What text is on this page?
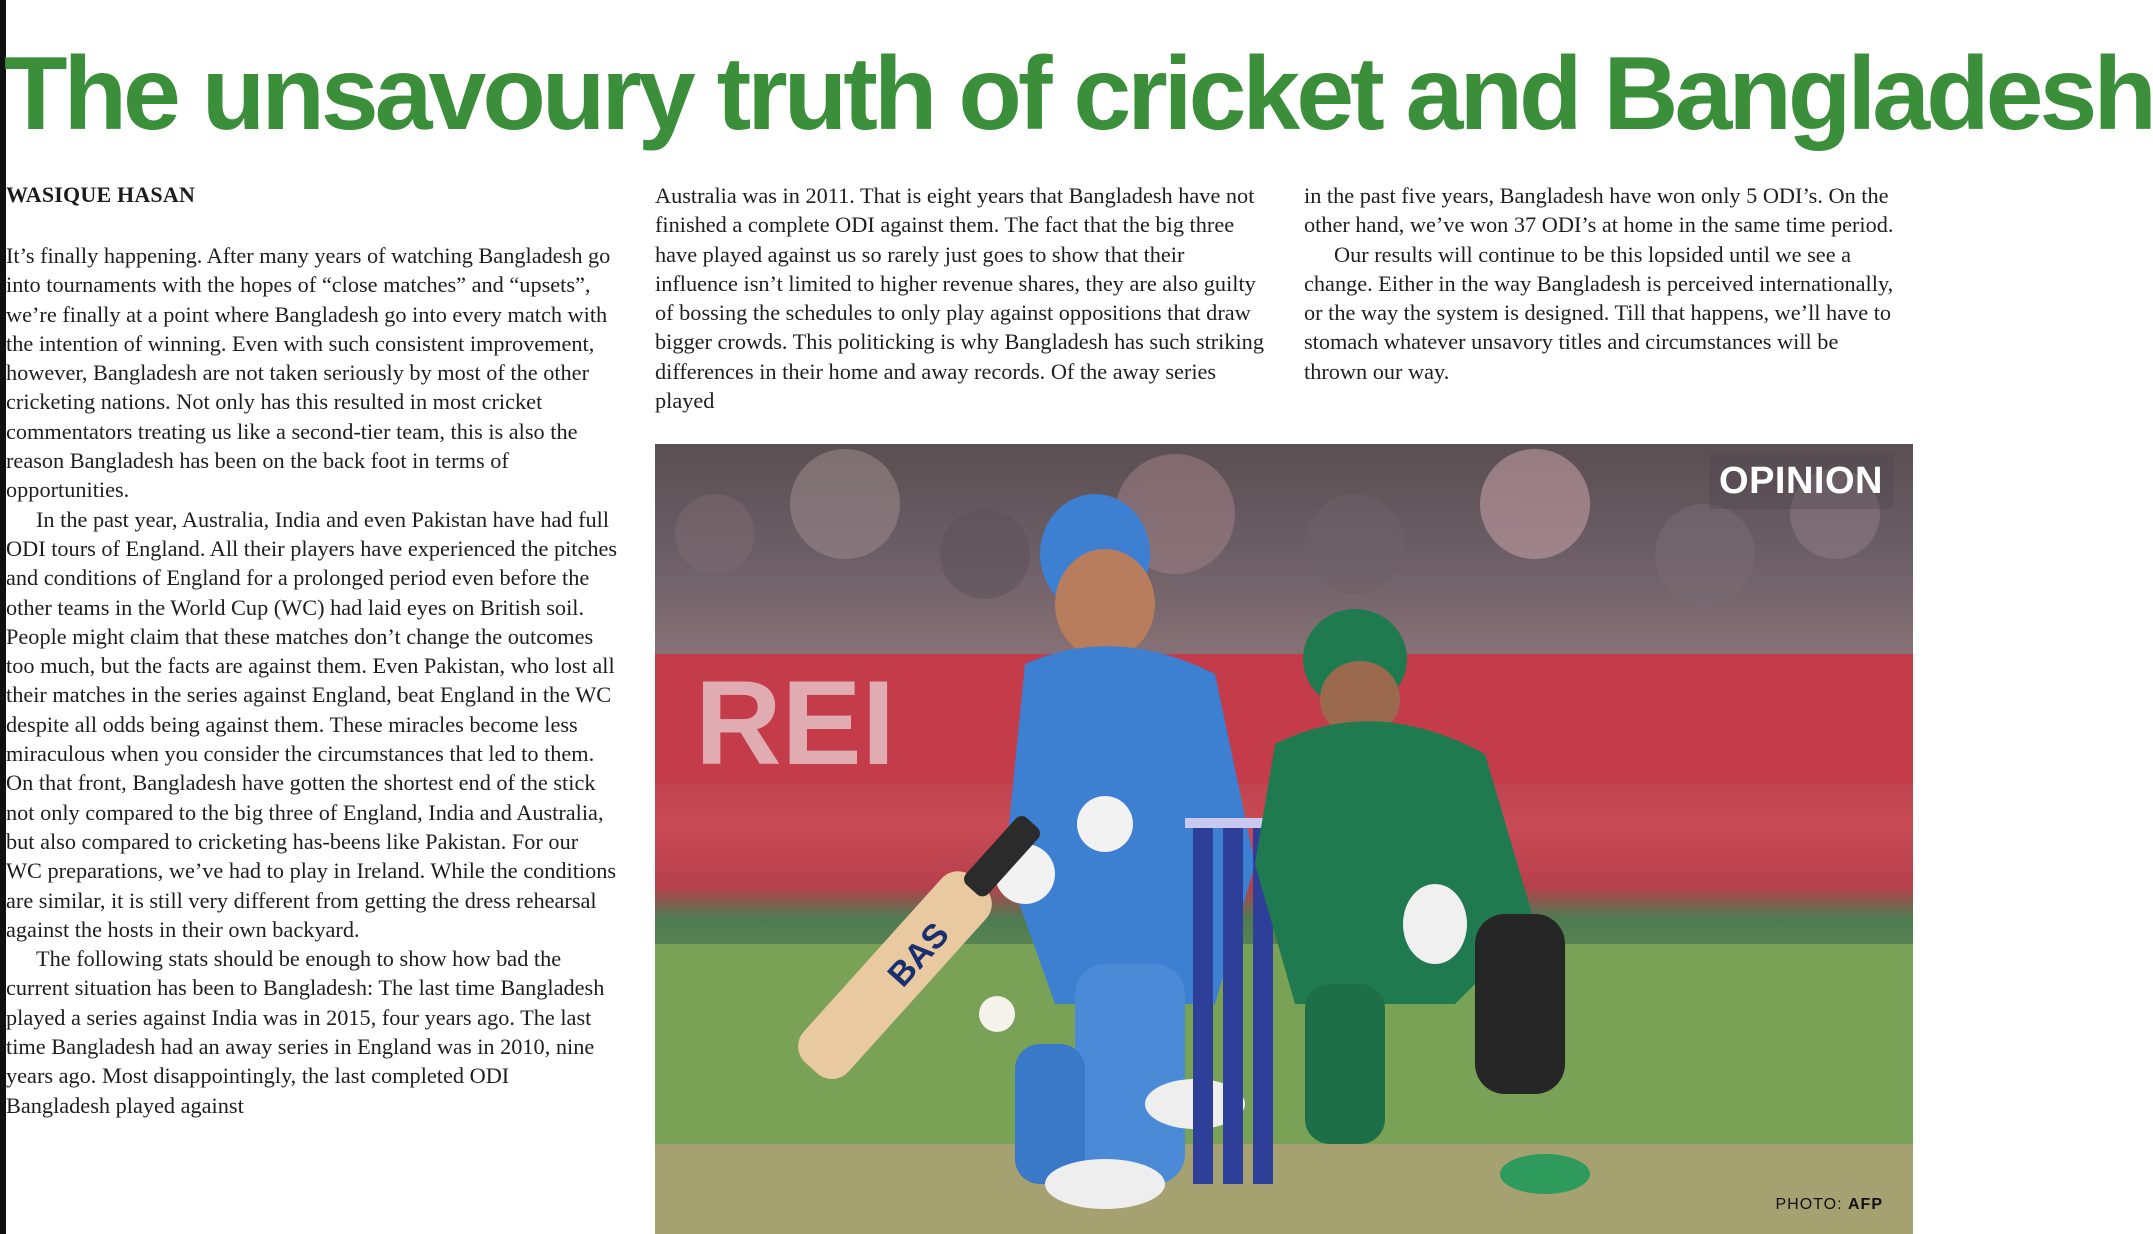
The unsavoury truth of cricket and Bangladesh
WASIQUE HASAN

It’s finally happening. After many years of watching Bangladesh go into tournaments with the hopes of “close matches” and “upsets”, we’re finally at a point where Bangladesh go into every match with the intention of winning. Even with such consistent improvement, however, Bangladesh are not taken seriously by most of the other cricketing nations. Not only has this resulted in most cricket commentators treating us like a second-tier team, this is also the reason Bangladesh has been on the back foot in terms of opportunities.

In the past year, Australia, India and even Pakistan have had full ODI tours of England. All their players have experienced the pitches and conditions of England for a prolonged period even before the other teams in the World Cup (WC) had laid eyes on British soil. People might claim that these matches don’t change the outcomes too much, but the facts are against them. Even Pakistan, who lost all their matches in the series against England, beat England in the WC despite all odds being against them. These miracles become less miraculous when you consider the circumstances that led to them. On that front, Bangladesh have gotten the shortest end of the stick not only compared to the big three of England, India and Australia, but also compared to cricketing has-beens like Pakistan. For our WC preparations, we’ve had to play in Ireland. While the conditions are similar, it is still very different from getting the dress rehearsal against the hosts in their own backyard.

The following stats should be enough to show how bad the current situation has been to Bangladesh: The last time Bangladesh played a series against India was in 2015, four years ago. The last time Bangladesh had an away series in England was in 2010, nine years ago. Most disappointingly, the last completed ODI Bangladesh played against

Australia was in 2011. That is eight years that Bangladesh have not finished a complete ODI against them. The fact that the big three have played against us so rarely just goes to show that their influence isn’t limited to higher revenue shares, they are also guilty of bossing the schedules to only play against oppositions that draw bigger crowds. This politicking is why Bangladesh has such striking differences in their home and away records. Of the away series played

in the past five years, Bangladesh have won only 5 ODI’s. On the other hand, we’ve won 37 ODI’s at home in the same time period.

Our results will continue to be this lopsided until we see a change. Either in the way Bangladesh is perceived internationally, or the way the system is designed. Till that happens, we’ll have to stomach whatever unsavory titles and circumstances will be thrown our way.

REI
BAS
OPINION
PHOTO: AFP
